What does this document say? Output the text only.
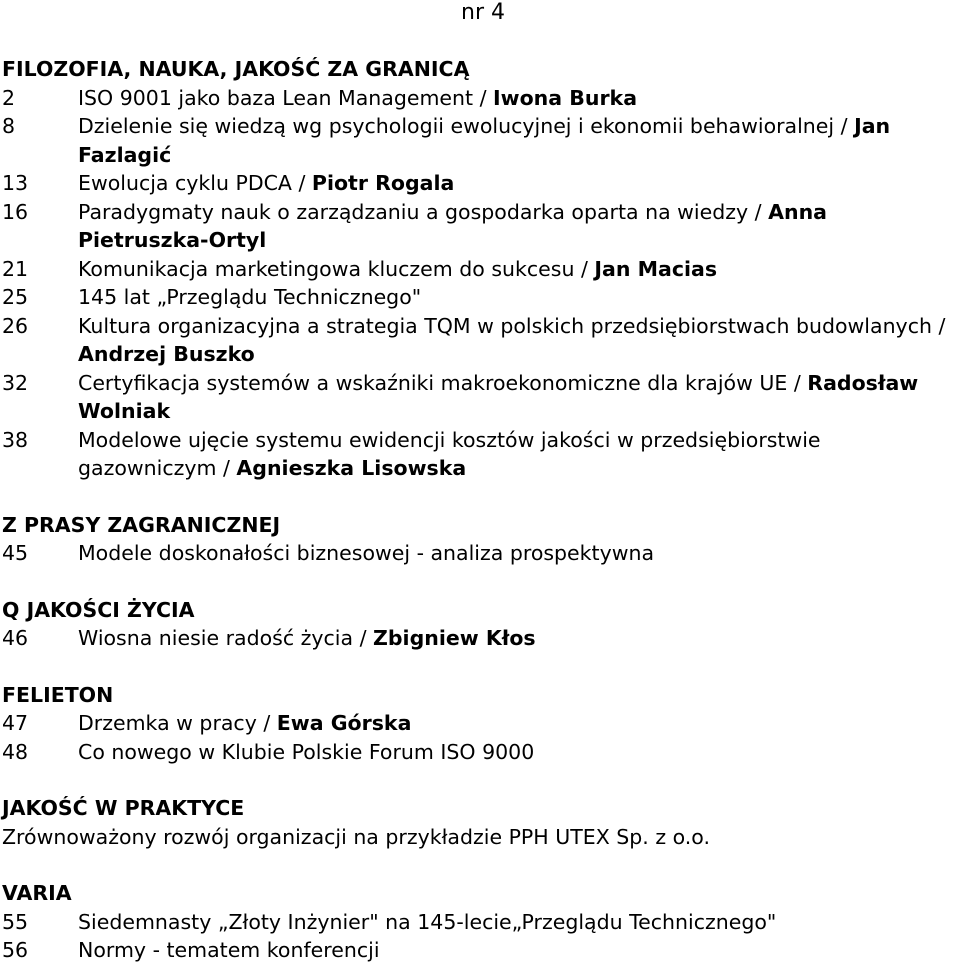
nr 4
FILOZOFIA, NAUKA, JAKOŚĆ ZA GRANICĄ
2	ISO 9001 jako baza Lean Management / Iwona Burka
8	Dzielenie się wiedzą wg psychologii ewolucyjnej i ekonomii behawioralnej / Jan Fazlagić
13	Ewolucja cyklu PDCA / Piotr Rogala
16	Paradygmaty nauk o zarządzaniu a gospodarka oparta na wiedzy / Anna Pietruszka-Ortyl
21	Komunikacja marketingowa kluczem do sukcesu / Jan Macias
25	145 lat „Przeglądu Technicznego"
26	Kultura organizacyjna a strategia TQM w polskich przedsiębiorstwach budowlanych / Andrzej Buszko
32	Certyfikacja systemów a wskaźniki makroekonomiczne dla krajów UE / Radosław Wolniak
38	Modelowe ujęcie systemu ewidencji kosztów jakości w przedsiębiorstwie gazowniczym / Agnieszka Lisowska
Z PRASY ZAGRANICZNEJ
45	Modele doskonałości biznesowej - analiza prospektywna
Q JAKOŚCI ŻYCIA
46	Wiosna niesie radość życia / Zbigniew Kłos
FELIETON
47	Drzemka w pracy / Ewa Górska
48	Co nowego w Klubie Polskie Forum ISO 9000
JAKOŚĆ W PRAKTYCE
Zrównoważony rozwój organizacji na przykładzie PPH UTEX Sp. z o.o.
VARIA
55	Siedemnasty „Złoty Inżynier" na 145-lecie„Przeglądu Technicznego"
56	Normy - tematem konferencji
